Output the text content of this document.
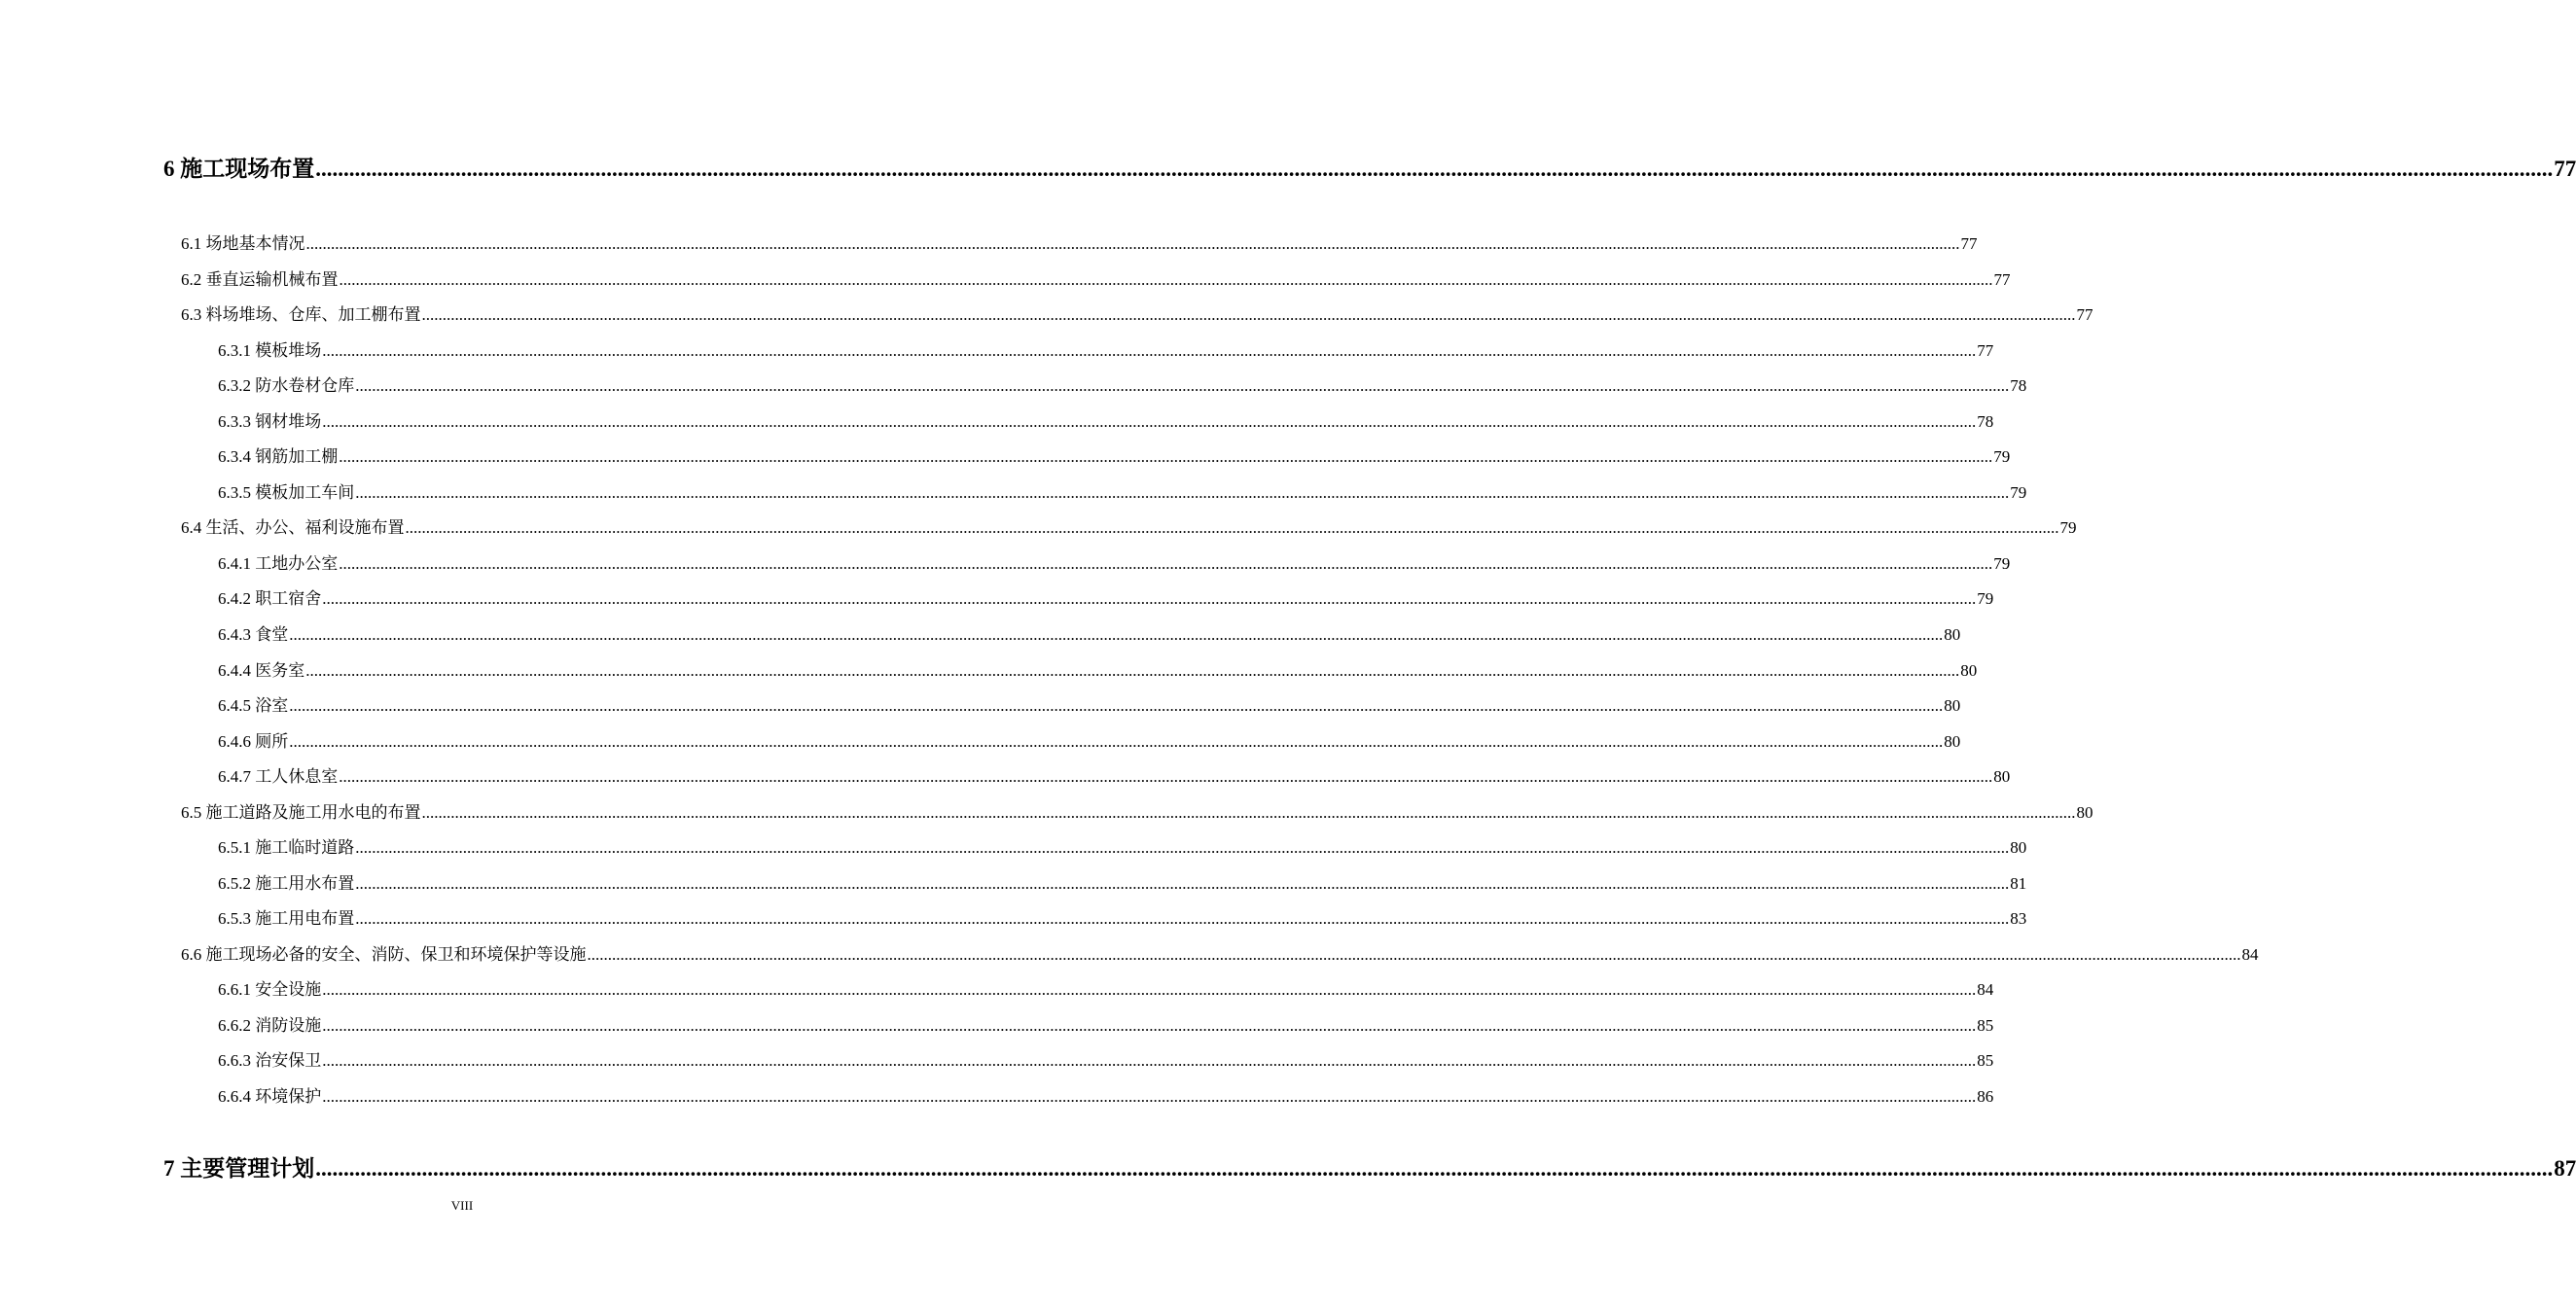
6 施工现场布置 ................................................................................................................................................................................................................................................................................................................................................................................................................ 77
6.1 场地基本情况 ................................................................................................................................................................................................................................................................................................................................................................................................................ 77
6.2 垂直运输机械布置 ................................................................................................................................................................................................................................................................................................................................................................................................................ 77
6.3 料场堆场、仓库、加工棚布置 ................................................................................................................................................................................................................................................................................................................................................................................................................ 77
6.3.1 模板堆场 ................................................................................................................................................................................................................................................................................................................................................................................................................ 77
6.3.2 防水卷材仓库 ................................................................................................................................................................................................................................................................................................................................................................................................................ 78
6.3.3 钢材堆场 ................................................................................................................................................................................................................................................................................................................................................................................................................ 78
6.3.4 钢筋加工棚 ................................................................................................................................................................................................................................................................................................................................................................................................................ 79
6.3.5 模板加工车间 ................................................................................................................................................................................................................................................................................................................................................................................................................ 79
6.4 生活、办公、福利设施布置 ................................................................................................................................................................................................................................................................................................................................................................................................................ 79
6.4.1 工地办公室 ................................................................................................................................................................................................................................................................................................................................................................................................................ 79
6.4.2 职工宿舍 ................................................................................................................................................................................................................................................................................................................................................................................................................ 79
6.4.3 食堂 ................................................................................................................................................................................................................................................................................................................................................................................................................ 80
6.4.4 医务室 ................................................................................................................................................................................................................................................................................................................................................................................................................ 80
6.4.5 浴室 ................................................................................................................................................................................................................................................................................................................................................................................................................ 80
6.4.6 厕所 ................................................................................................................................................................................................................................................................................................................................................................................................................ 80
6.4.7 工人休息室 ................................................................................................................................................................................................................................................................................................................................................................................................................ 80
6.5 施工道路及施工用水电的布置 ................................................................................................................................................................................................................................................................................................................................................................................................................ 80
6.5.1 施工临时道路 ................................................................................................................................................................................................................................................................................................................................................................................................................ 80
6.5.2 施工用水布置 ................................................................................................................................................................................................................................................................................................................................................................................................................ 81
6.5.3 施工用电布置 ................................................................................................................................................................................................................................................................................................................................................................................................................ 83
6.6 施工现场必备的安全、消防、保卫和环境保护等设施 ................................................................................................................................................................................................................................................................................................................................................................................................................ 84
6.6.1 安全设施 ................................................................................................................................................................................................................................................................................................................................................................................................................ 84
6.6.2 消防设施 ................................................................................................................................................................................................................................................................................................................................................................................................................ 85
6.6.3 治安保卫 ................................................................................................................................................................................................................................................................................................................................................................................................................ 85
6.6.4 环境保护 ................................................................................................................................................................................................................................................................................................................................................................................................................ 86
7 主要管理计划 ................................................................................................................................................................................................................................................................................................................................................................................................................ 87
VIII
